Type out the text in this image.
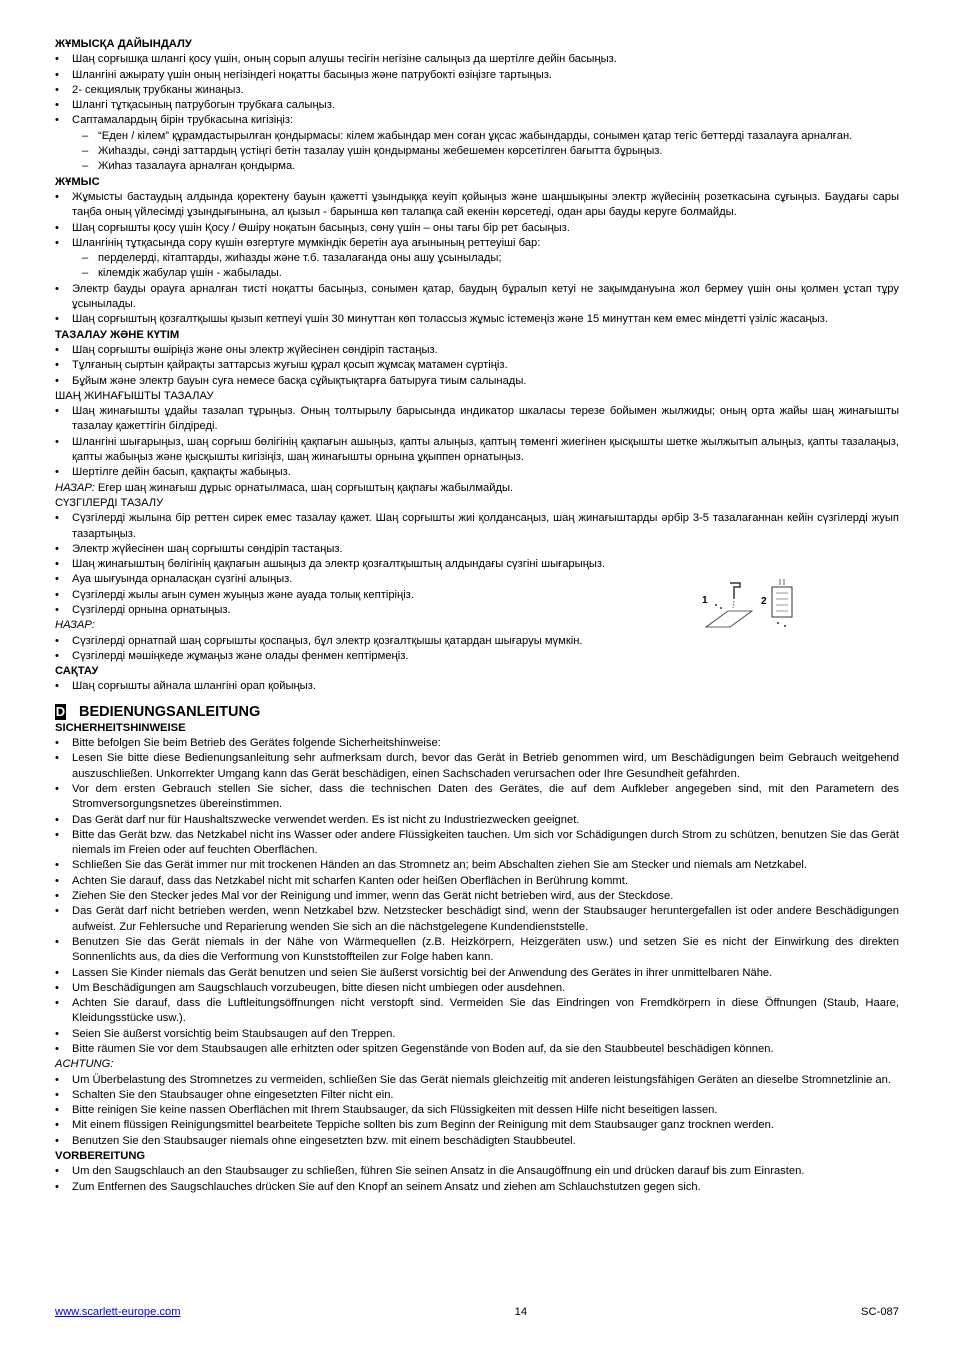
ЖҰМЫСҚА ДАЙЫНДАЛУ
• Шаң сорғышқа шлангі қосу үшін, оның сорып алушы тесігін негізіне салыңыз да шертілге дейін басыңыз.
• Шлангіні ажырату үшін оның негізіндегі ноқатты басыңыз және патрубокті өзіңізге тартыңыз.
• 2- секциялық трубканы жинаңыз.
• Шлангі тұтқасының патрубогын трубкаға салыңыз.
• Саптамалардың бірін трубкасына кигізіңіз:
– “Еден / кілем” құрамдастырылған қондырмасы: кілем жабындар мен соған ұқсас жабындарды, сонымен қатар тегіс беттерді тазалауға арналған.
– Жиһазды, сәнді заттардың үстіңгі бетін тазалау үшін қондырманы жебешемен көрсетілген бағытта бұрыңыз.
– Жиһаз тазалауға арналған қондырма.
ЖҰМЫС
• Жұмысты бастаудың алдында қоректену бауын қажетті ұзындыққа кеуіп қойыңыз және шаңшықыны электр жүйесінің розеткасына сұғыңыз. Баудағы сары таңба оның үйлесімді ұзындығынына, ал қызыл - барынша көп талапқа сай екенін көрсетеді, одан ары бауды керуге болмайды.
• Шаң сорғышты қосу үшін Қосу / Өшіру ноқатын басыңыз, сөну үшін – оны тағы бір рет басыңыз.
• Шлангінің тұтқасында сору күшін өзгертуге мүмкіндік беретін ауа ағынының реттеуіші бар:
– перделерді, кітаптарды, жиһазды және т.б. тазалағанда оны ашу ұсынылады;
– кілемдік жабулар үшін - жабылады.
• Электр бауды орауға арналған тисті ноқатты басыңыз, сонымен қатар, баудың бұралып кетуі не зақымдануына жол бермеу үшін оны қолмен ұстап тұру ұсынылады.
• Шаң сорғыштың қозғалтқышы қызып кетпеуі үшін 30 минуттан көп толассыз жұмыс істемеңіз және 15 минуттан кем емес міндетті үзіліс жасаңыз.
ТАЗАЛАУ ЖӘНЕ КҮТІМ
• Шаң сорғышты өшіріңіз және оны электр жүйесінен сөндіріп тастаңыз.
• Тұлғаның сыртын қайрақты заттарсыз жуғыш құрал қосып жұмсақ матамен сүртіңіз.
• Бұйым және электр бауын суға немесе басқа сұйықтықтарға батыруға тиым салынады.
ШАҢ ЖИНАҒЫШТЫ ТАЗАЛАУ
• Шаң жинағышты ұдайы тазалап тұрыңыз. Оның толтырылу барысында индикатор шкаласы терезе бойымен жылжиды; оның орта жайы шаң жинағышты тазалау қажеттігін білдіреді.
• Шлангіні шығарыңыз, шаң сорғыш бөлігінің қақпағын ашыңыз, қапты алыңыз, қаптың төменгі жиегінен қысқышты шетке жылжытып алыңыз, қапты тазалаңыз, қапты жабыңыз және қысқышты кигізіңіз, шаң жинағышты орнына ұқыппен орнатыңыз.
• Шертілге дейін басып, қақпақты жабыңыз.
НАЗАР: Егер шаң жинағыш дұрыс орнатылмаса, шаң сорғыштың қақпағы жабылмайды.
СҮЗГІЛЕРДІ ТАЗАЛУ
• Сүзгілерді жылына бір реттен сирек емес тазалау қажет. Шаң сорғышты жиі қолдансаңыз, шаң жинағыштарды әрбір 3-5 тазалағаннан кейін сүзгілерді жуып тазартыңыз.
• Электр жүйесінен шаң сорғышты сөндіріп тастаңыз.
• Шаң жинағыштың бөлігінің қақпағын ашыңыз да электр қозғалтқыштың алдындағы сүзгіні шығарыңыз.
• Ауа шығуында орналасқан сүзгіні алыңыз.
• Сүзгілерді жылы ағын сумен жуыңыз және ауада толық кептіріңіз.
• Сүзгілерді орнына орнатыңыз.
НАЗАР:
• Сүзгілерді орнатпай шаң сорғышты қоспаңыз, бұл электр қозғалтқышы қатардан шығаруы мүмкін.
• Сүзгілерді мәшіңкеде жұмаңыз және олады фенмен кептірмеңіз.
САҚТАУ
• Шаң сорғышты айнала шлангіні орап қойыңыз.
D BEDIENUNGSANLEITUNG
SICHERHEITSHINWEISE
• Bitte befolgen Sie beim Betrieb des Gerätes folgende Sicherheitshinweise:
• Lesen Sie bitte diese Bedienungsanleitung sehr aufmerksam durch, bevor das Gerät in Betrieb genommen wird, um Beschädigungen beim Gebrauch weitgehend auszuschließen. Unkorrekter Umgang kann das Gerät beschädigen, einen Sachschaden verursachen oder Ihre Gesundheit gefährden.
• Vor dem ersten Gebrauch stellen Sie sicher, dass die technischen Daten des Gerätes, die auf dem Aufkleber angegeben sind, mit den Parametern des Stromversorgungsnetzes übereinstimmen.
• Das Gerät darf nur für Haushaltszwecke verwendet werden. Es ist nicht zu Industriezwecken geeignet.
• Bitte das Gerät bzw. das Netzkabel nicht ins Wasser oder andere Flüssigkeiten tauchen. Um sich vor Schädigungen durch Strom zu schützen, benutzen Sie das Gerät niemals im Freien oder auf feuchten Oberflächen.
• Schließen Sie das Gerät immer nur mit trockenen Händen an das Stromnetz an; beim Abschalten ziehen Sie am Stecker und niemals am Netzkabel.
• Achten Sie darauf, dass das Netzkabel nicht mit scharfen Kanten oder heißen Oberflächen in Berührung kommt.
• Ziehen Sie den Stecker jedes Mal vor der Reinigung und immer, wenn das Gerät nicht betrieben wird, aus der Steckdose.
• Das Gerät darf nicht betrieben werden, wenn Netzkabel bzw. Netzstecker beschädigt sind, wenn der Staubsauger heruntergefallen ist oder andere Beschädigungen aufweist. Zur Fehlersuche und Reparierung wenden Sie sich an die nächstgelegene Kundendienststelle.
• Benutzen Sie das Gerät niemals in der Nähe von Wärmequellen (z.B. Heizkörpern, Heizgeräten usw.) und setzen Sie es nicht der Einwirkung des direkten Sonnenlichts aus, da dies die Verformung von Kunststoffteilen zur Folge haben kann.
• Lassen Sie Kinder niemals das Gerät benutzen und seien Sie äußerst vorsichtig bei der Anwendung des Gerätes in ihrer unmittelbaren Nähe.
• Um Beschädigungen am Saugschlauch vorzubeugen, bitte diesen nicht umbiegen oder ausdehnen.
• Achten Sie darauf, dass die Luftleitungsöffnungen nicht verstopft sind. Vermeiden Sie das Eindringen von Fremdkörpern in diese Öffnungen (Staub, Haare, Kleidungsstücke usw.).
• Seien Sie äußerst vorsichtig beim Staubsaugen auf den Treppen.
• Bitte räumen Sie vor dem Staubsaugen alle erhitzten oder spitzen Gegenstände von Boden auf, da sie den Staubbeutel beschädigen können.
ACHTUNG:
• Um Überbelastung des Stromnetzes zu vermeiden, schließen Sie das Gerät niemals gleichzeitig mit anderen leistungsfähigen Geräten an dieselbe Stromnetzlinie an.
• Schalten Sie den Staubsauger ohne eingesetzten Filter nicht ein.
• Bitte reinigen Sie keine nassen Oberflächen mit Ihrem Staubsauger, da sich Flüssigkeiten mit dessen Hilfe nicht beseitigen lassen.
• Mit einem flüssigen Reinigungsmittel bearbeitete Teppiche sollten bis zum Beginn der Reinigung mit dem Staubsauger ganz trocknen werden.
• Benutzen Sie den Staubsauger niemals ohne eingesetzten bzw. mit einem beschädigten Staubbeutel.
VORBEREITUNG
• Um den Saugschlauch an den Staubsauger zu schließen, führen Sie seinen Ansatz in die Ansaugöffnung ein und drücken darauf bis zum Einrasten.
• Zum Entfernen des Saugschlauches drücken Sie auf den Knopf an seinem Ansatz und ziehen am Schlauchstutzen gegen sich.
1	2
www.scarlett-europe.com	14	SC-087
